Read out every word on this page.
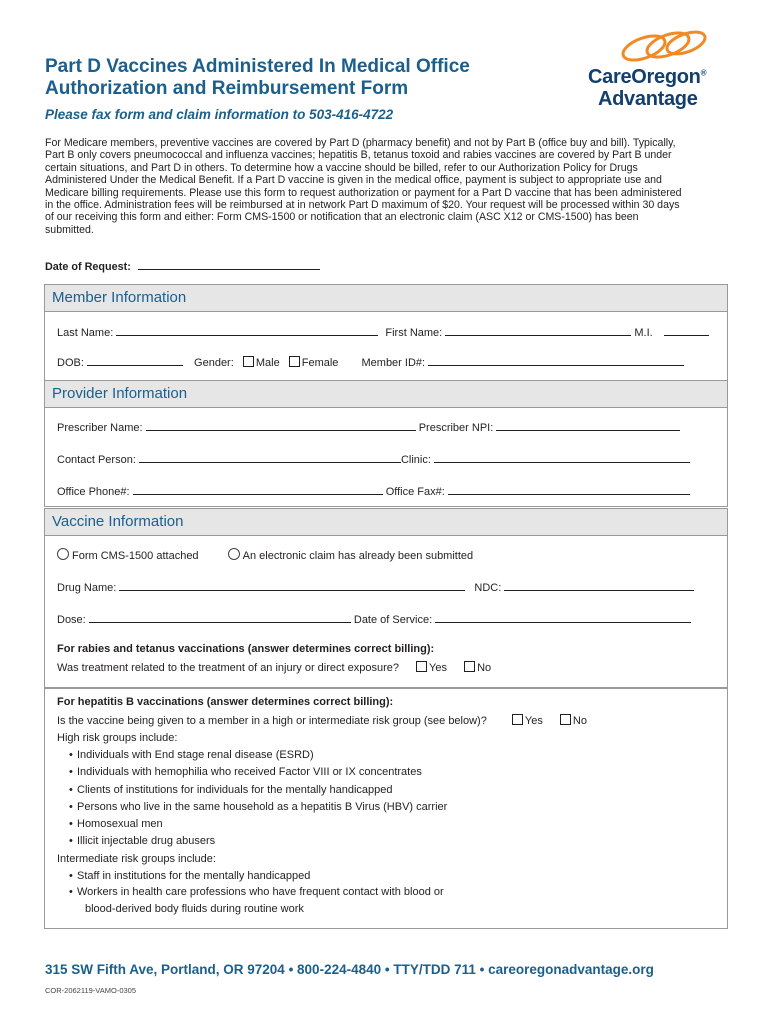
Part D Vaccines Administered In Medical Office
Authorization and Reimbursement Form
Please fax form and claim information to 503-416-4722
CareOregon®
Advantage
For Medicare members, preventive vaccines are covered by Part D (pharmacy benefit) and not by Part B (office buy and bill). Typically, Part B only covers pneumococcal and influenza vaccines; hepatitis B, tetanus toxoid and rabies vaccines are covered by Part B under certain situations, and Part D in others. To determine how a vaccine should be billed, refer to our Authorization Policy for Drugs Administered Under the Medical Benefit. If a Part D vaccine is given in the medical office, payment is subject to appropriate use and Medicare billing requirements. Please use this form to request authorization or payment for a Part D vaccine that has been administered in the office. Administration fees will be reimbursed at in network Part D maximum of $20. Your request will be processed within 30 days of our receiving this form and either: Form CMS-1500 or notification that an electronic claim (ASC X12 or CMS-1500) has been submitted.
Date of Request:
Member Information
Last Name:	First Name:	M.I.
DOB:	Gender: Male Female Member ID#:
Provider Information
Prescriber Name:	Prescriber NPI:
Contact Person:	Clinic:
Office Phone#:	Office Fax#:
Vaccine Information
Form CMS-1500 attached	An electronic claim has already been submitted
Drug Name:	NDC:
Dose:	Date of Service:
For rabies and tetanus vaccinations (answer determines correct billing):
Was treatment related to the treatment of an injury or direct exposure?	Yes	No
For hepatitis B vaccinations (answer determines correct billing):
Is the vaccine being given to a member in a high or intermediate risk group (see below)?	Yes	No
High risk groups include:
• Individuals with End stage renal disease (ESRD)
• Individuals with hemophilia who received Factor VIII or IX concentrates
• Clients of institutions for individuals for the mentally handicapped
• Persons who live in the same household as a hepatitis B Virus (HBV) carrier
• Homosexual men
• Illicit injectable drug abusers
Intermediate risk groups include:
• Staff in institutions for the mentally handicapped
• Workers in health care professions who have frequent contact with blood or
blood-derived body fluids during routine work
315 SW Fifth Ave, Portland, OR 97204 • 800-224-4840 • TTY/TDD 711 • careoregonadvantage.org
COR-2062119-VAMO-0305
